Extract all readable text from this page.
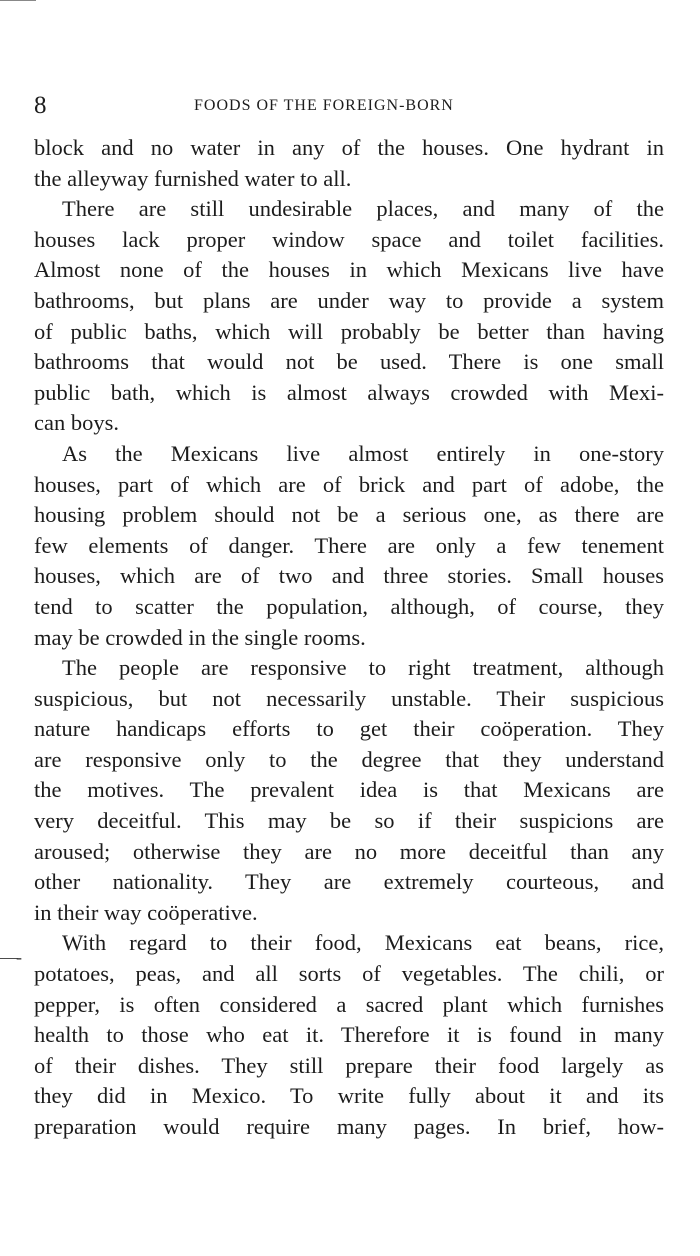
8	FOODS OF THE FOREIGN-BORN
—-
block and no water in any of the houses. One hydrant in
the alleyway furnished water to all.
There are still undesirable places, and many of the
houses lack proper window space and toilet facilities.
Almost none of the houses in which Mexicans live have
bathrooms, but plans are under way to provide a system
of public baths, which will probably be better than having
bathrooms that would not be used. There is one small
public bath, which is almost always crowded with Mexi-
can boys.
As the Mexicans live almost entirely in one-story
houses, part of which are of brick and part of adobe, the
housing problem should not be a serious one, as there are
few elements of danger. There are only a few tenement
houses, which are of two and three stories. Small houses
tend to scatter the population, although, of course, they
may be crowded in the single rooms.
The people are responsive to right treatment, although
suspicious, but not necessarily unstable. Their suspicious
nature handicaps efforts to get their coöperation. They
are responsive only to the degree that they understand
the motives. The prevalent idea is that Mexicans are
very deceitful. This may be so if their suspicions are
aroused; otherwise they are no more deceitful than any
other nationality. They are extremely courteous, and
in their way coöperative.
With regard to their food, Mexicans eat beans, rice,
potatoes, peas, and all sorts of vegetables. The chili, or
pepper, is often considered a sacred plant which furnishes
health to those who eat it. Therefore it is found in many
of their dishes. They still prepare their food largely as
they did in Mexico. To write fully about it and its
preparation would require many pages. In brief, how-
